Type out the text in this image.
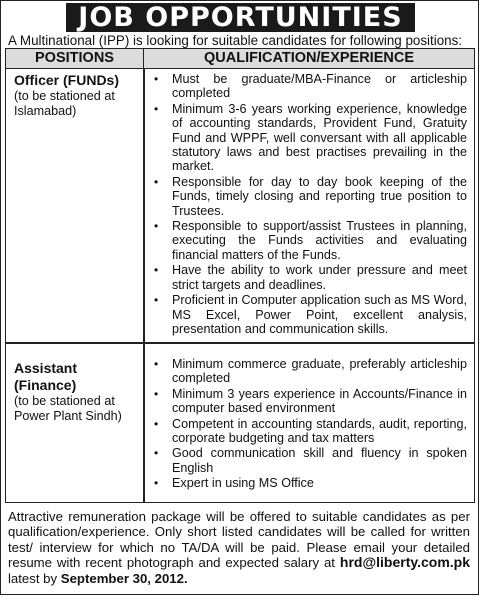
JOB OPPORTUNITIES
A Multinational (IPP) is looking for suitable candidates for following positions:
POSITIONS	QUALIFICATION/EXPERIENCE
Officer (FUNDs)
(to be stationed at Islamabad)
• Must be graduate/MBA-Finance or articleship completed
• Minimum 3-6 years working experience, knowledge of accounting standards, Provident Fund, Gratuity Fund and WPPF, well conversant with all applicable statutory laws and best practises prevailing in the market.
• Responsible for day to day book keeping of the Funds, timely closing and reporting true position to Trustees.
• Responsible to support/assist Trustees in planning, executing the Funds activities and evaluating financial matters of the Funds.
• Have the ability to work under pressure and meet strict targets and deadlines.
• Proficient in Computer application such as MS Word, MS Excel, Power Point, excellent analysis, presentation and communication skills.
Assistant (Finance)
(to be stationed at Power Plant Sindh)
• Minimum commerce graduate, preferably articleship completed
• Minimum 3 years experience in Accounts/Finance in computer based environment
• Competent in accounting standards, audit, reporting, corporate budgeting and tax matters
• Good communication skill and fluency in spoken English
• Expert in using MS Office
Attractive remuneration package will be offered to suitable candidates as per qualification/experience. Only short listed candidates will be called for written test/ interview for which no TA/DA will be paid. Please email your detailed resume with recent photograph and expected salary at hrd@liberty.com.pk latest by September 30, 2012.
